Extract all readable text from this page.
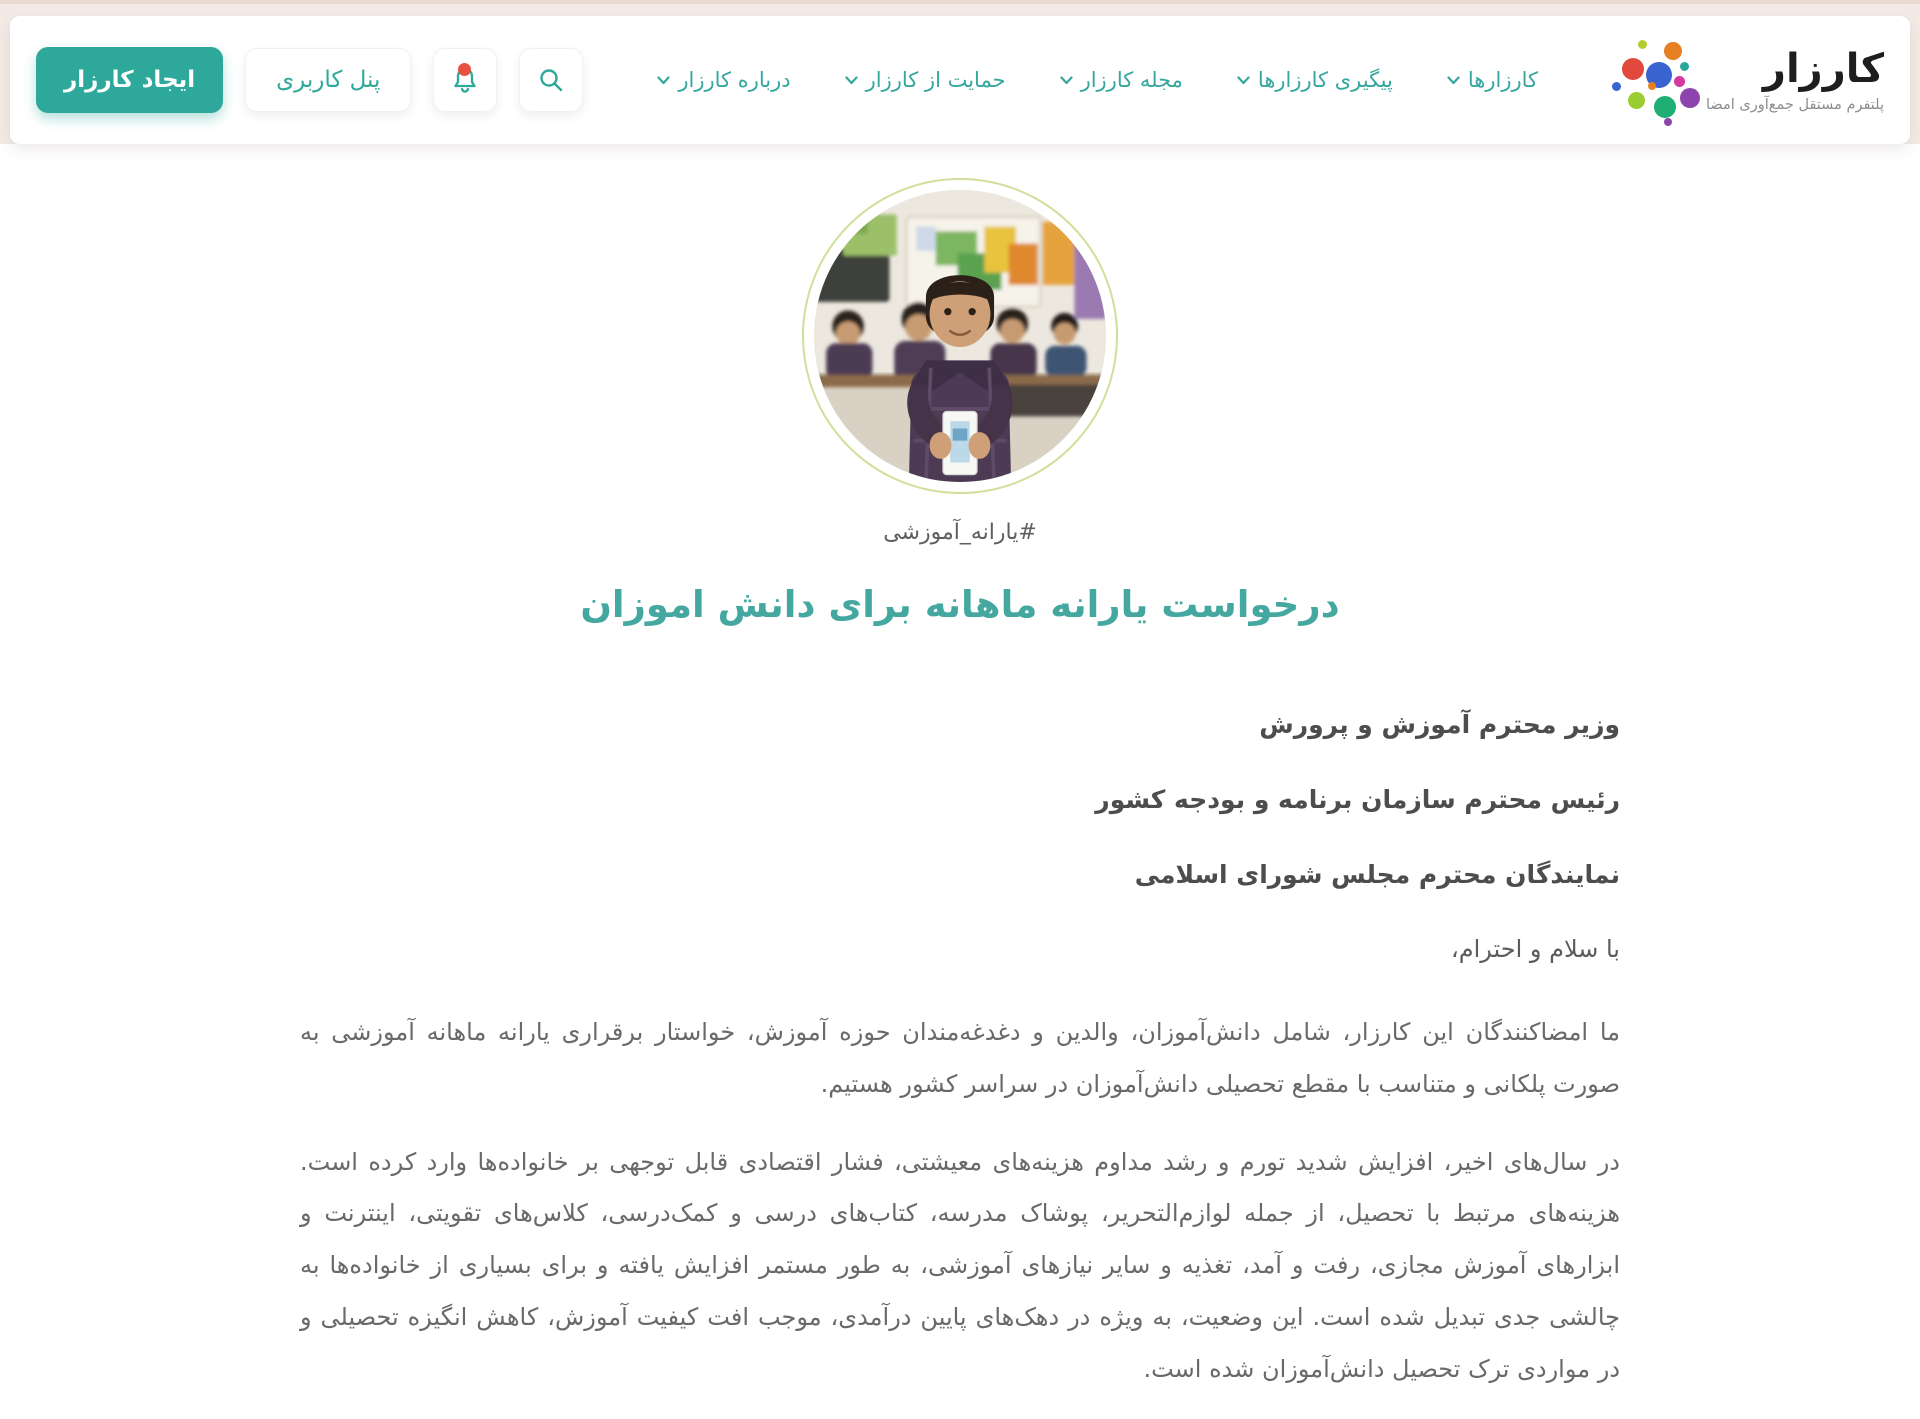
کارزار
پلتفرم مستقل جمع‌آوری امضا
کارزارها
پیگیری کارزارها
مجله کارزار
حمایت از کارزار
درباره کارزار
پنل کاربری
ایجاد کارزار
#یارانه_آموزشی
درخواست یارانه ماهانه برای دانش اموزان

وزیر محترم آموزش و پرورش

رئیس محترم سازمان برنامه و بودجه کشور

نمایندگان محترم مجلس شورای اسلامی

با سلام و احترام،

ما امضاکنندگان این کارزار، شامل دانش‌آموزان، والدین و دغدغه‌مندان حوزه آموزش، خواستار برقراری یارانه ماهانه آموزشی به صورت پلکانی و متناسب با مقطع تحصیلی دانش‌آموزان در سراسر کشور هستیم.

در سال‌های اخیر، افزایش شدید تورم و رشد مداوم هزینه‌های معیشتی، فشار اقتصادی قابل توجهی بر خانواده‌ها وارد کرده است. هزینه‌های مرتبط با تحصیل، از جمله لوازم‌التحریر، پوشاک مدرسه، کتاب‌های درسی و کمک‌درسی، کلاس‌های تقویتی، اینترنت و ابزارهای آموزش مجازی، رفت و آمد، تغذیه و سایر نیازهای آموزشی، به طور مستمر افزایش یافته و برای بسیاری از خانواده‌ها به چالشی جدی تبدیل شده است. این وضعیت، به ویژه در دهک‌های پایین درآمدی، موجب افت کیفیت آموزش، کاهش انگیزه تحصیلی و در مواردی ترک تحصیل دانش‌آموزان شده است.
